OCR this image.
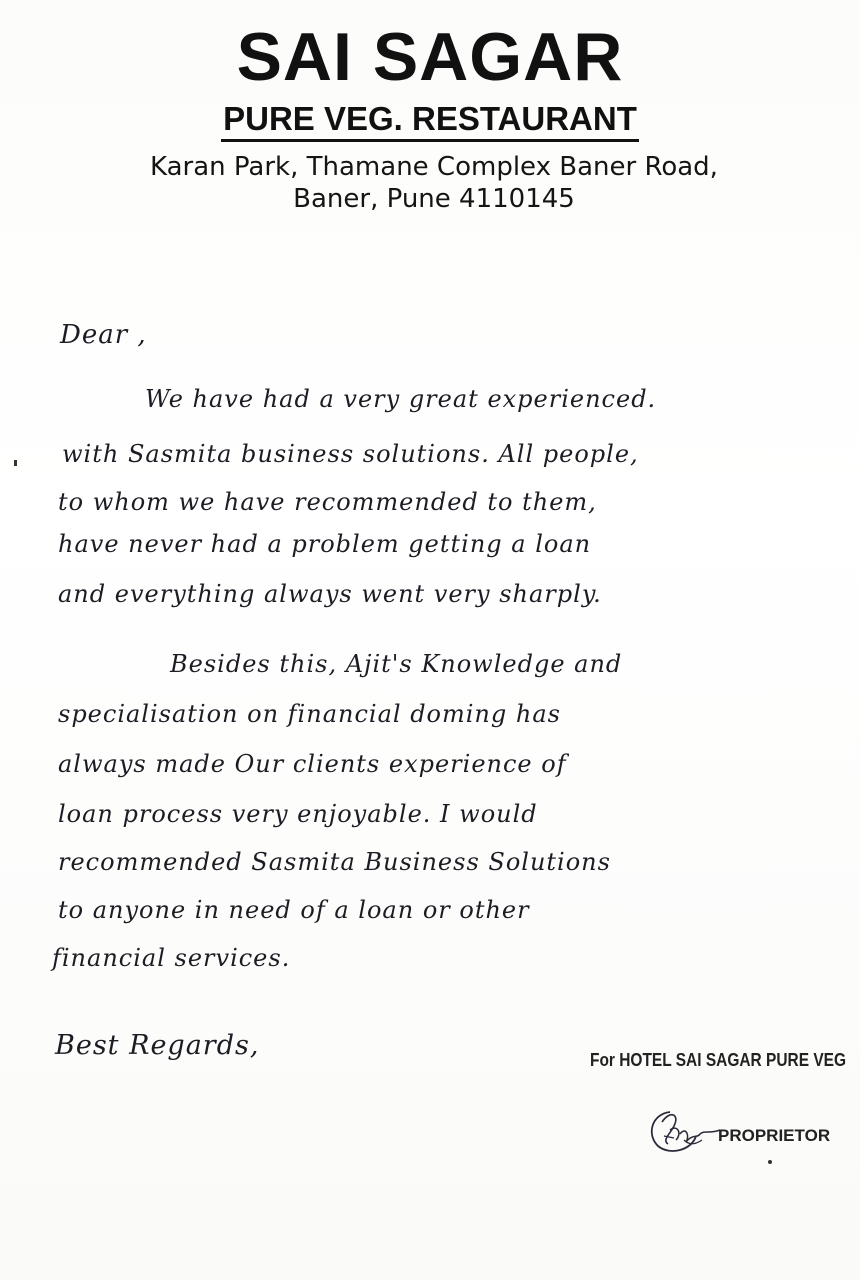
SAI SAGAR
PURE VEG. RESTAURANT
Karan Park, Thamane Complex Baner Road,
Baner, Pune 4110145
Dear ,
We have had a very great experienced.
with Sasmita business solutions. All people,
to whom we have recommended to them,
have never had a problem getting a loan
and everything always went very sharply.
Besides this, Ajit's Knowledge and
specialisation on financial doming has
always made Our clients experience of
loan process very enjoyable. I would
recommended Sasmita Business Solutions
to anyone in need of a loan or other
financial services.
Best Regards,	For HOTEL SAI SAGAR PURE VEG
PROPRIETOR
